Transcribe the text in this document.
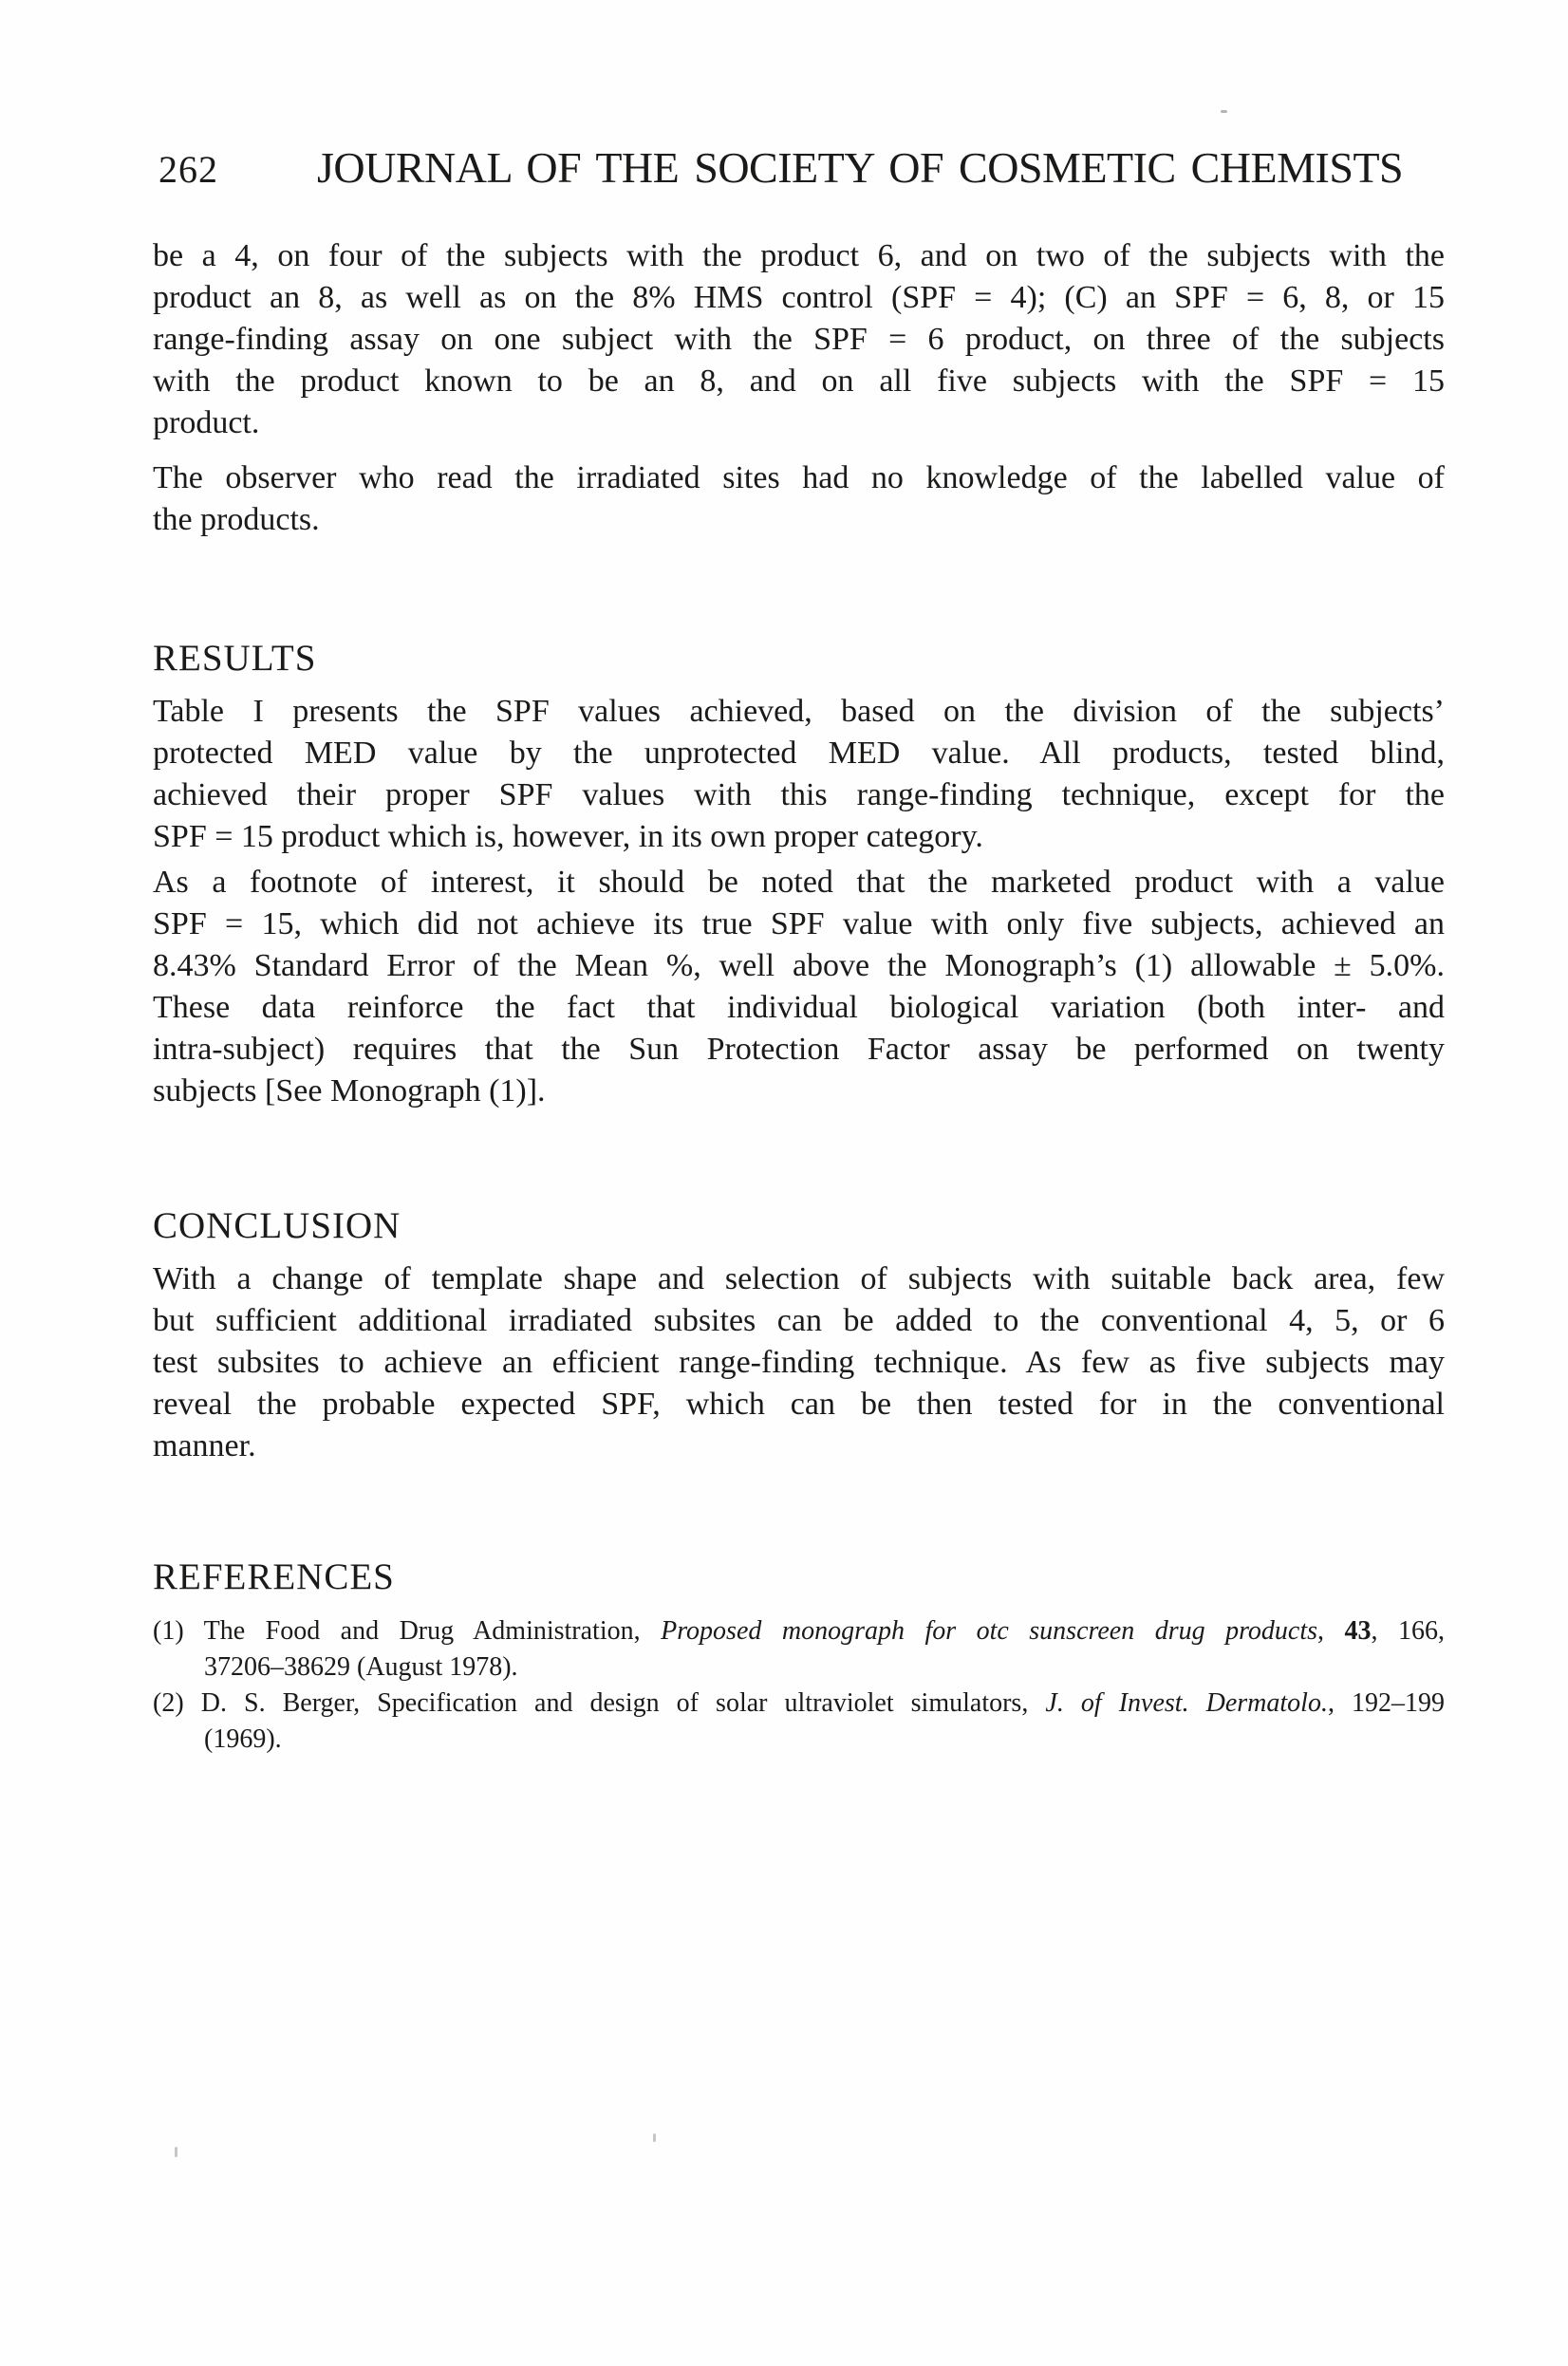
262 JOURNAL OF THE SOCIETY OF COSMETIC CHEMISTS
be a 4, on four of the subjects with the product 6, and on two of the subjects with the
product an 8, as well as on the 8% HMS control (SPF = 4); (C) an SPF = 6, 8, or 15
range-finding assay on one subject with the SPF = 6 product, on three of the subjects
with the product known to be an 8, and on all five subjects with the SPF = 15
product.
The observer who read the irradiated sites had no knowledge of the labelled value of
the products.
RESULTS
Table I presents the SPF values achieved, based on the division of the subjects’
protected MED value by the unprotected MED value. All products, tested blind,
achieved their proper SPF values with this range-finding technique, except for the
SPF = 15 product which is, however, in its own proper category.
As a footnote of interest, it should be noted that the marketed product with a value
SPF = 15, which did not achieve its true SPF value with only five subjects, achieved an
8.43% Standard Error of the Mean %, well above the Monograph’s (1) allowable ± 5.0%.
These data reinforce the fact that individual biological variation (both inter- and
intra-subject) requires that the Sun Protection Factor assay be performed on twenty
subjects [See Monograph (1)].
CONCLUSION
With a change of template shape and selection of subjects with suitable back area, few
but sufficient additional irradiated subsites can be added to the conventional 4, 5, or 6
test subsites to achieve an efficient range-finding technique. As few as five subjects may
reveal the probable expected SPF, which can be then tested for in the conventional
manner.
REFERENCES
(1) The Food and Drug Administration, Proposed monograph for otc sunscreen drug products, 43, 166,
37206–38629 (August 1978).
(2) D. S. Berger, Specification and design of solar ultraviolet simulators, J. of Invest. Dermatolo., 192–199
(1969).
